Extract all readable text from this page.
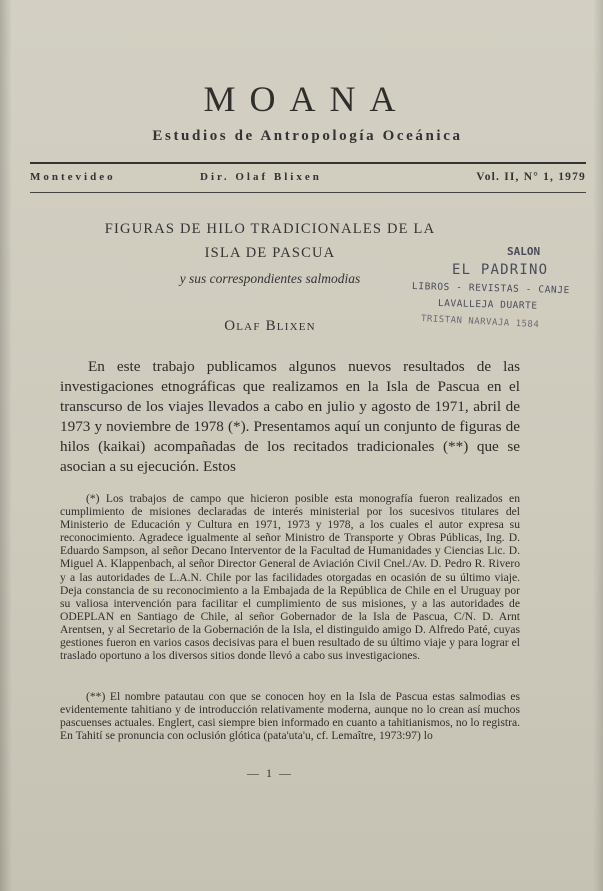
MOANA
Estudios de Antropología Oceánica
Montevideo	Dir. Olaf Blixen	Vol. II, N° 1, 1979
FIGURAS DE HILO TRADICIONALES DE LA
ISLA DE PASCUA
y sus correspondientes salmodias
Olaf Blixen
SALON
EL PADRINO
LIBROS - REVISTAS - CANJE
LAVALLEJA DUARTE
TRISTAN NARVAJA 1584

En este trabajo publicamos algunos nuevos resultados de las investigaciones etnográficas que realizamos en la Isla de Pascua en el transcurso de los viajes llevados a cabo en julio y agosto de 1971, abril de 1973 y noviembre de 1978 (*). Presentamos aquí un conjunto de figuras de hilos (kaikai) acompañadas de los recitados tradicionales (**) que se asocian a su ejecución. Estos

(*) Los trabajos de campo que hicieron posible esta monografía fueron realizados en cumplimiento de misiones declaradas de interés ministerial por los sucesivos titulares del Ministerio de Educación y Cultura en 1971, 1973 y 1978, a los cuales el autor expresa su reconocimiento. Agradece igualmente al señor Ministro de Transporte y Obras Públicas, Ing. D. Eduardo Sampson, al señor Decano Interventor de la Facultad de Humanidades y Ciencias Lic. D. Miguel A. Klappenbach, al señor Director General de Aviación Civil Cnel./Av. D. Pedro R. Rivero y a las autoridades de L.A.N. Chile por las facilidades otorgadas en ocasión de su último viaje. Deja constancia de su reconocimiento a la Embajada de la República de Chile en el Uruguay por su valiosa intervención para facilitar el cumplimiento de sus misiones, y a las autoridades de ODEPLAN en Santiago de Chile, al señor Gobernador de la Isla de Pascua, C/N. D. Arnt Arentsen, y al Secretario de la Gobernación de la Isla, el distinguido amigo D. Alfredo Paté, cuyas gestiones fueron en varios casos decisivas para el buen resultado de su último viaje y para lograr el traslado oportuno a los diversos sitios donde llevó a cabo sus investigaciones.

(**) El nombre patautau con que se conocen hoy en la Isla de Pascua estas salmodias es evidentemente tahitiano y de introducción relativamente moderna, aunque no lo crean así muchos pascuenses actuales. Englert, casi siempre bien informado en cuanto a tahitianismos, no lo registra. En Tahití se pronuncia con oclusión glótica (pata'uta'u, cf. Lemaître, 1973:97) lo

— 1 —
